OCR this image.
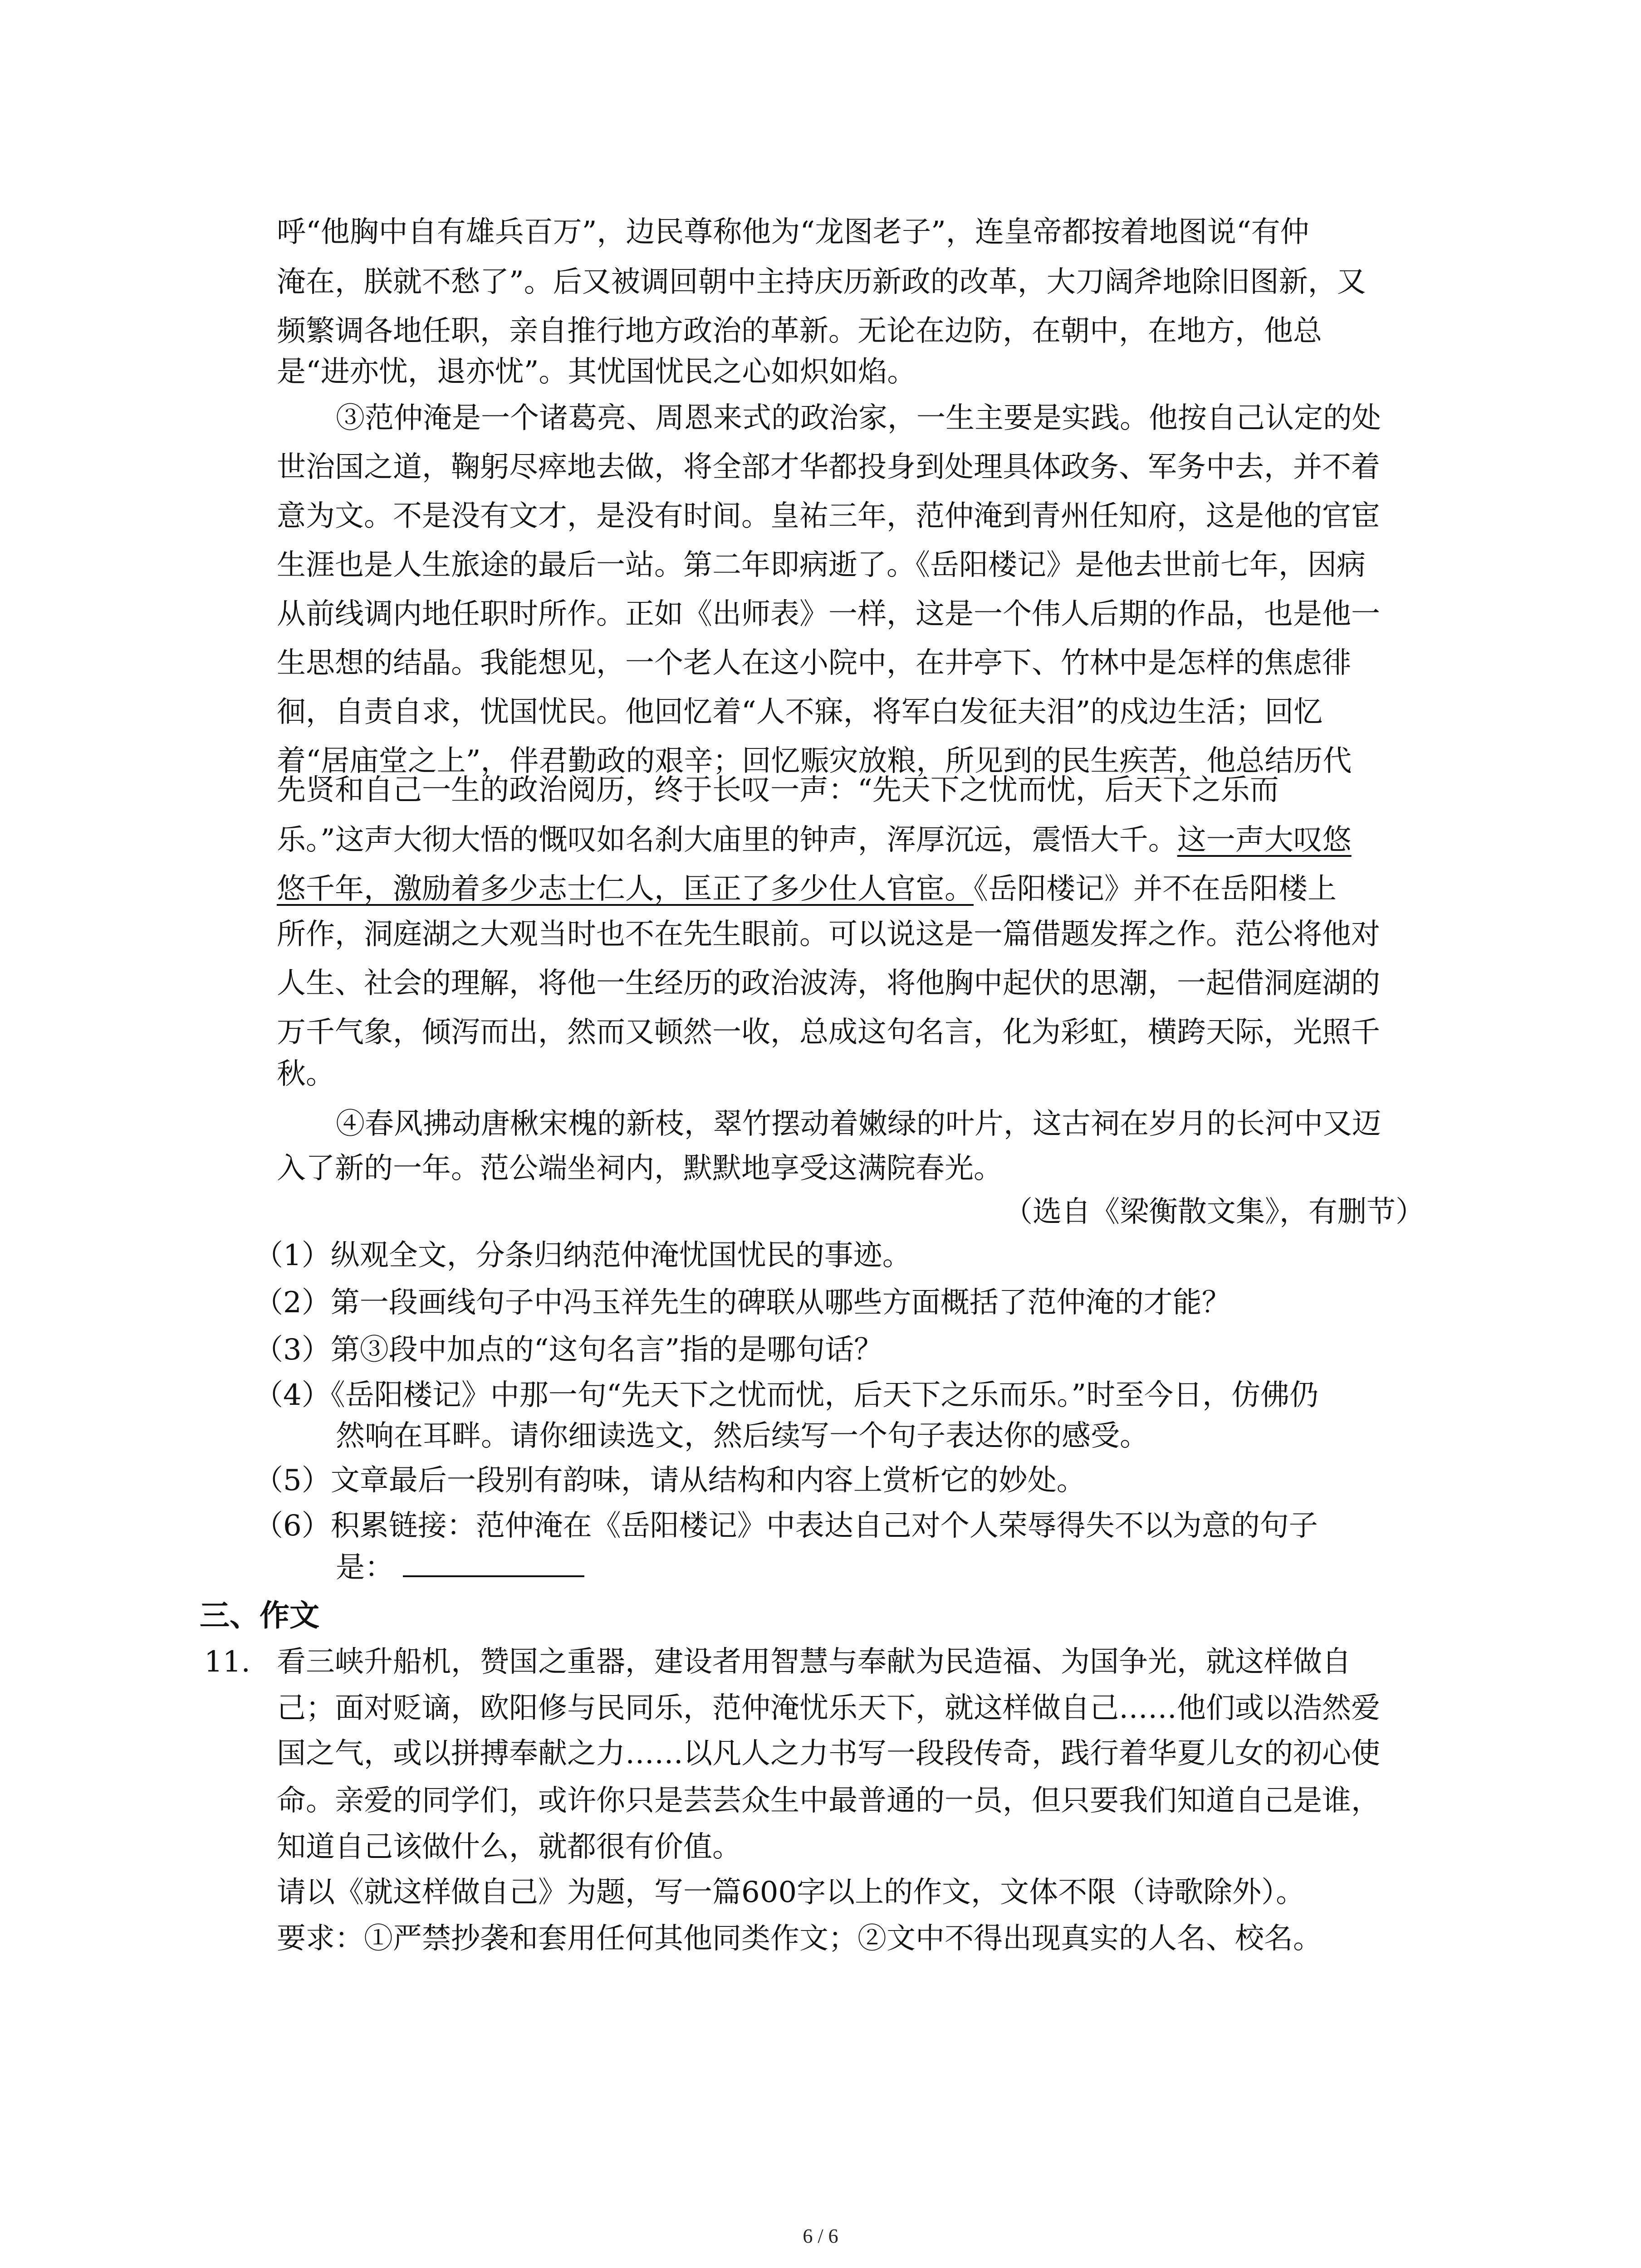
呼“他胸中自有雄兵百万”，边民尊称他为“龙图老子”，连皇帝都按着地图说“有仲
淹在，朕就不愁了”。后又被调回朝中主持庆历新政的改革，大刀阔斧地除旧图新，又
频繁调各地任职，亲自推行地方政治的革新。无论在边防，在朝中，在地方，他总
是“进亦忧，退亦忧”。其忧国忧民之心如炽如焰。
③范仲淹是一个诸葛亮、周恩来式的政治家，一生主要是实践。他按自己认定的处
世治国之道，鞠躬尽瘁地去做，将全部才华都投身到处理具体政务、军务中去，并不着
意为文。不是没有文才，是没有时间。皇祐三年，范仲淹到青州任知府，这是他的官宦
生涯也是人生旅途的最后一站。第二年即病逝了。《岳阳楼记》是他去世前七年，因病
从前线调内地任职时所作。正如《出师表》一样，这是一个伟人后期的作品，也是他一
生思想的结晶。我能想见，一个老人在这小院中，在井亭下、竹林中是怎样的焦虑徘
徊，自责自求，忧国忧民。他回忆着“人不寐，将军白发征夫泪”的戍边生活；回忆
着“居庙堂之上”，伴君勤政的艰辛；回忆赈灾放粮，所见到的民生疾苦，他总结历代
先贤和自己一生的政治阅历，终于长叹一声：“先天下之忧而忧，后天下之乐而
乐。”这声大彻大悟的慨叹如名刹大庙里的钟声，浑厚沉远，震悟大千。这一声大叹悠
悠千年，激励着多少志士仁人，匡正了多少仕人官宦。《岳阳楼记》并不在岳阳楼上
所作，洞庭湖之大观当时也不在先生眼前。可以说这是一篇借题发挥之作。范公将他对
人生、社会的理解，将他一生经历的政治波涛，将他胸中起伏的思潮，一起借洞庭湖的
万千气象，倾泻而出，然而又顿然一收，总成这句名言，化为彩虹，横跨天际，光照千
秋。
④春风拂动唐楸宋槐的新枝，翠竹摆动着嫩绿的叶片，这古祠在岁月的长河中又迈
入了新的一年。范公端坐祠内，默默地享受这满院春光。
（选自《梁衡散文集》，有删节）
（1）纵观全文，分条归纳范仲淹忧国忧民的事迹。
（2）第一段画线句子中冯玉祥先生的碑联从哪些方面概括了范仲淹的才能？
（3）第③段中加点的“这句名言”指的是哪句话？
（4）《岳阳楼记》中那一句“先天下之忧而忧，后天下之乐而乐。”时至今日，仿佛仍
然响在耳畔。请你细读选文，然后续写一个句子表达你的感受。
（5）文章最后一段别有韵味，请从结构和内容上赏析它的妙处。
（6）积累链接：范仲淹在《岳阳楼记》中表达自己对个人荣辱得失不以为意的句子
是：
三、作文
11. 看三峡升船机，赞国之重器，建设者用智慧与奉献为民造福、为国争光，就这样做自
己；面对贬谪，欧阳修与民同乐，范仲淹忧乐天下，就这样做自己……他们或以浩然爱
国之气，或以拼搏奉献之力……以凡人之力书写一段段传奇，践行着华夏儿女的初心使
命。亲爱的同学们，或许你只是芸芸众生中最普通的一员，但只要我们知道自己是谁，
知道自己该做什么，就都很有价值。
请以《就这样做自己》为题，写一篇600字以上的作文，文体不限（诗歌除外）。
要求：①严禁抄袭和套用任何其他同类作文；②文中不得出现真实的人名、校名。
6 / 6
